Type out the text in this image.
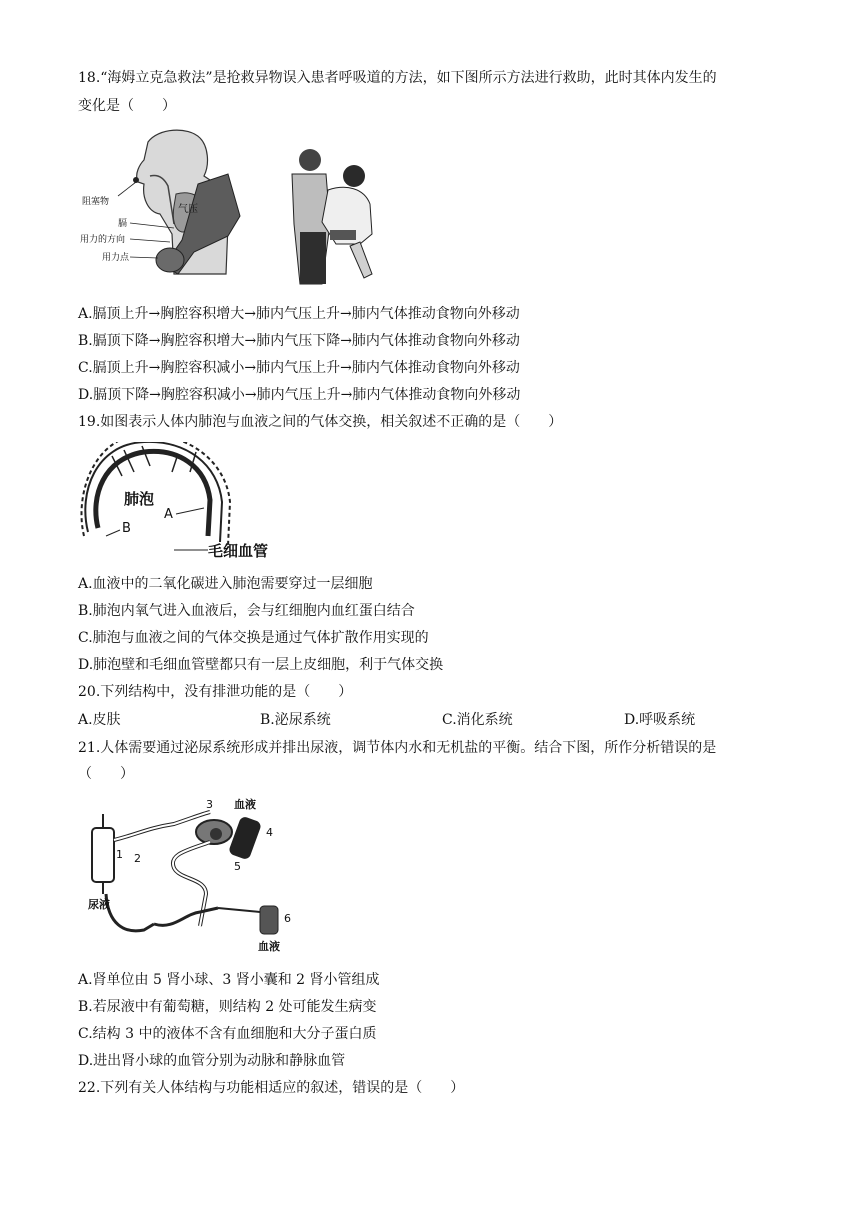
18.“海姆立克急救法”是抢救异物误入患者呼吸道的方法，如下图所示方法进行救助，此时其体内发生的
变化是（　　）
气压
阻塞物
膈
用力的方向
用力点
A.膈顶上升→胸腔容积增大→肺内气压上升→肺内气体推动食物向外移动
B.膈顶下降→胸腔容积增大→肺内气压下降→肺内气体推动食物向外移动
C.膈顶上升→胸腔容积减小→肺内气压上升→肺内气体推动食物向外移动
D.膈顶下降→胸腔容积减小→肺内气压上升→肺内气体推动食物向外移动
19.如图表示人体内肺泡与血液之间的气体交换，相关叙述不正确的是（　　）
肺泡
A
B
毛细血管
A.血液中的二氧化碳进入肺泡需要穿过一层细胞
B.肺泡内氧气进入血液后，会与红细胞内血红蛋白结合
C.肺泡与血液之间的气体交换是通过气体扩散作用实现的
D.肺泡壁和毛细血管壁都只有一层上皮细胞，利于气体交换
20.下列结构中，没有排泄功能的是（　　）
A.皮肤	B.泌尿系统	C.消化系统	D.呼吸系统
21.人体需要通过泌尿系统形成并排出尿液，调节体内水和无机盐的平衡。结合下图，所作分析错误的是
（　　）
1 2
3
4
5
6
血液
尿液
血液
A.肾单位由 5 肾小球、3 肾小囊和 2 肾小管组成
B.若尿液中有葡萄糖，则结构 2 处可能发生病变
C.结构 3 中的液体不含有血细胞和大分子蛋白质
D.进出肾小球的血管分别为动脉和静脉血管
22.下列有关人体结构与功能相适应的叙述，错误的是（　　）
